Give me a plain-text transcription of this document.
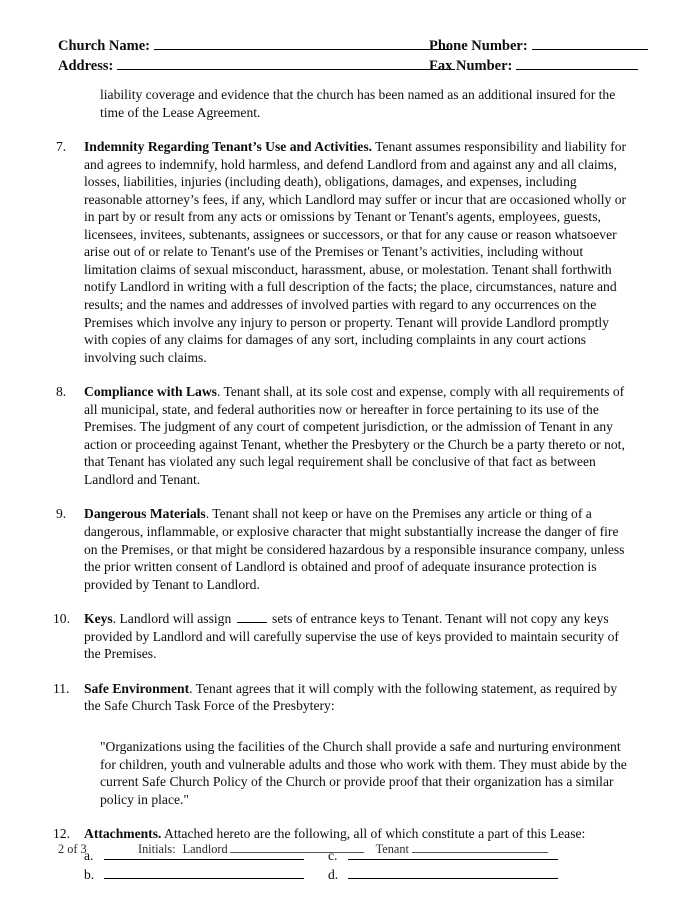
Church Name:	Phone Number:
Address:	Fax Number:

liability coverage and evidence that the church has been named as an additional insured for the time of the Lease Agreement.

7.	Indemnity Regarding Tenant’s Use and Activities. Tenant assumes responsibility and liability for and agrees to indemnify, hold harmless, and defend Landlord from and against any and all claims, losses, liabilities, injuries (including death), obligations, damages, and expenses, including reasonable attorney’s fees, if any, which Landlord may suffer or incur that are occasioned wholly or in part by or result from any acts or omissions by Tenant or Tenant's agents, employees, guests, licensees, invitees, subtenants, assignees or successors, or that for any cause or reason whatsoever arise out of or relate to Tenant's use of the Premises or Tenant’s activities, including without limitation claims of sexual misconduct, harassment, abuse, or molestation. Tenant shall forthwith notify Landlord in writing with a full description of the facts; the place, circumstances, nature and results; and the names and addresses of involved parties with regard to any occurrences on the Premises which involve any injury to person or property. Tenant will provide Landlord promptly with copies of any claims for damages of any sort, including complaints in any court actions involving such claims.

8.	Compliance with Laws. Tenant shall, at its sole cost and expense, comply with all requirements of all municipal, state, and federal authorities now or hereafter in force pertaining to its use of the Premises. The judgment of any court of competent jurisdiction, or the admission of Tenant in any action or proceeding against Tenant, whether the Presbytery or the Church be a party thereto or not, that Tenant has violated any such legal requirement shall be conclusive of that fact as between Landlord and Tenant.

9.	Dangerous Materials. Tenant shall not keep or have on the Premises any article or thing of a dangerous, inflammable, or explosive character that might substantially increase the danger of fire on the Premises, or that might be considered hazardous by a responsible insurance company, unless the prior written consent of Landlord is obtained and proof of adequate insurance protection is provided by Tenant to Landlord.

10.	Keys. Landlord will assign	sets of entrance keys to Tenant. Tenant will not copy any keys provided by Landlord and will carefully supervise the use of keys provided to maintain security of the Premises.

11.	Safe Environment. Tenant agrees that it will comply with the following statement, as required by the Safe Church Task Force of the Presbytery:

"Organizations using the facilities of the Church shall provide a safe and nurturing environment for children, youth and vulnerable adults and those who work with them. They must abide by the current Safe Church Policy of the Church or provide proof that their organization has a similar policy in place."

12.	Attachments. Attached hereto are the following, all of which constitute a part of this Lease:

a.	c.
b.	d.
2 of 3	Initials: Landlord	Tenant
